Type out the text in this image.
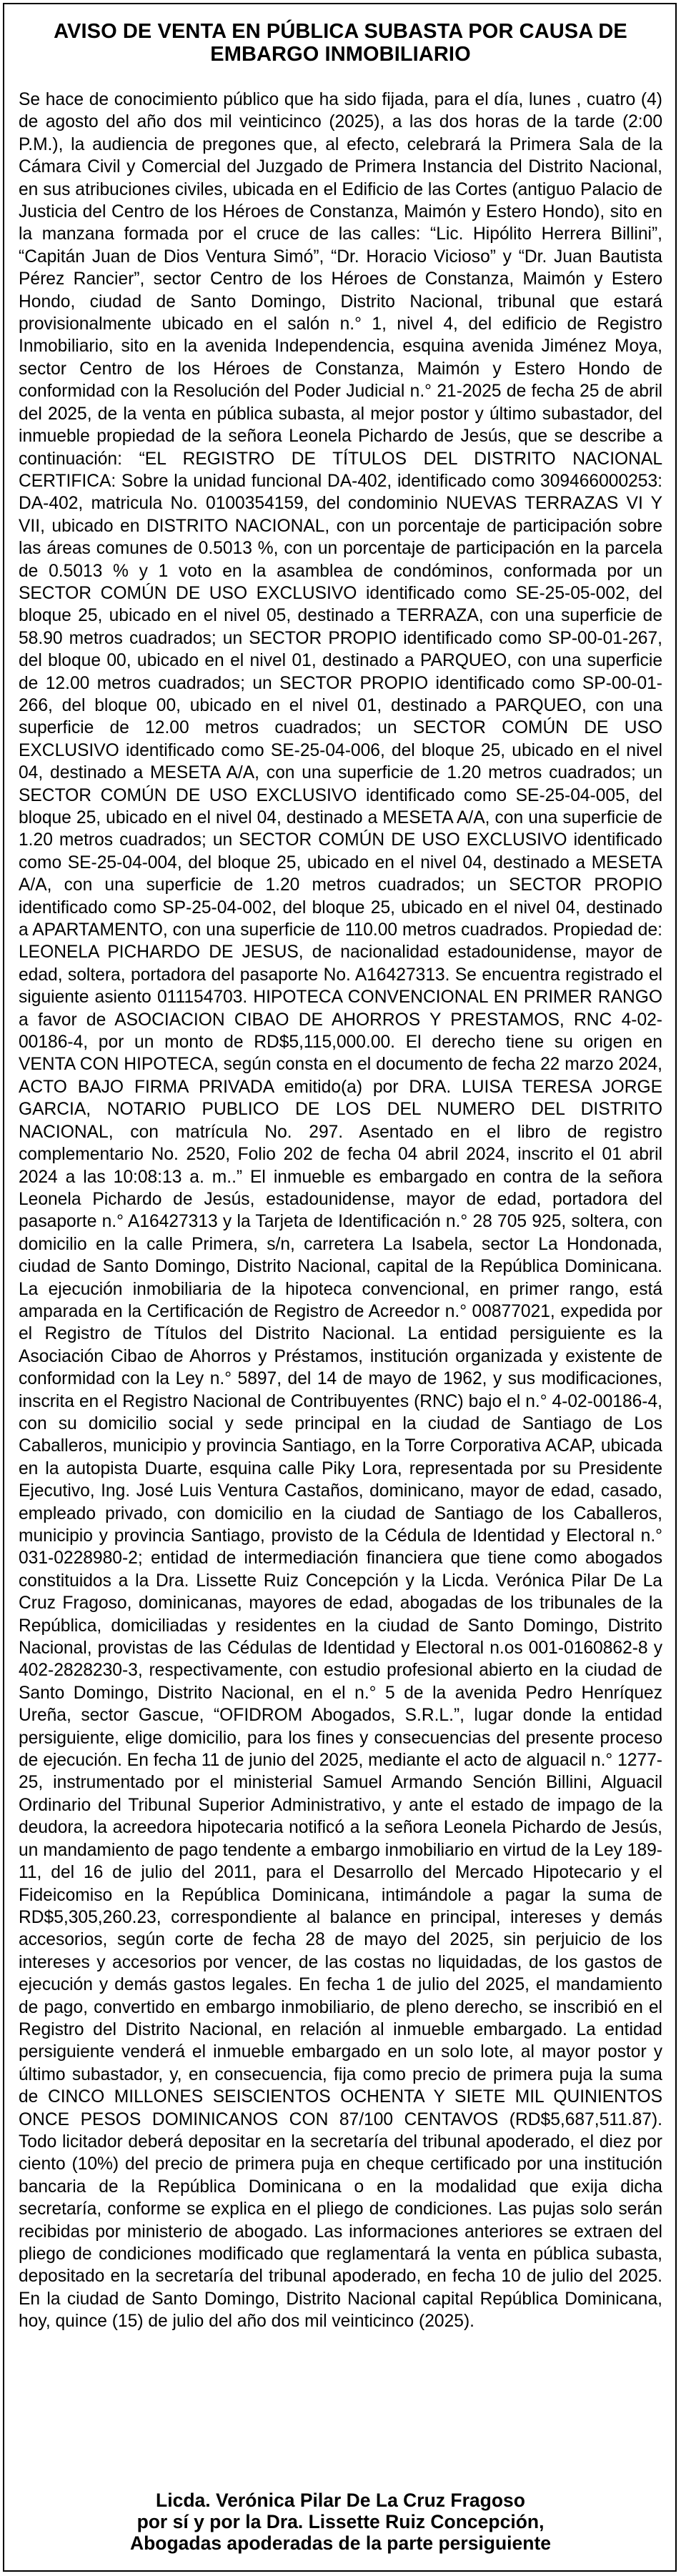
AVISO DE VENTA EN PÚBLICA SUBASTA POR CAUSA DE
EMBARGO INMOBILIARIO

Se hace de conocimiento público que ha sido fijada, para el día, lunes , cuatro (4) de agosto del año dos mil veinticinco (2025), a las dos horas de la tarde (2:00 P.M.), la audiencia de pregones que, al efecto, celebrará la Primera Sala de la Cámara Civil y Comercial del Juzgado de Primera Instancia del Distrito Nacional, en sus atribuciones civiles, ubicada en el Edificio de las Cortes (antiguo Palacio de Justicia del Centro de los Héroes de Constanza, Maimón y Estero Hondo), sito en la manzana formada por el cruce de las calles: “Lic. Hipólito Herrera Billini”, “Capitán Juan de Dios Ventura Simó”, “Dr. Horacio Vicioso” y “Dr. Juan Bautista Pérez Rancier”, sector Centro de los Héroes de Constanza, Maimón y Estero Hondo, ciudad de Santo Domingo, Distrito Nacional, tribunal que estará provisionalmente ubicado en el salón n.° 1, nivel 4, del edificio de Registro Inmobiliario, sito en la avenida Independencia, esquina avenida Jiménez Moya, sector Centro de los Héroes de Constanza, Maimón y Estero Hondo de conformidad con la Resolución del Poder Judicial n.° 21-2025 de fecha 25 de abril del 2025, de la venta en pública subasta, al mejor postor y último subastador, del inmueble propiedad de la señora Leonela Pichardo de Jesús, que se describe a continuación: “EL REGISTRO DE TÍTULOS DEL DISTRITO NACIONAL CERTIFICA: Sobre la unidad funcional DA-402, identificado como 309466000253: DA-402, matricula No. 0100354159, del condominio NUEVAS TERRAZAS VI Y VII, ubicado en DISTRITO NACIONAL, con un porcentaje de participación sobre las áreas comunes de 0.5013 %, con un porcentaje de participación en la parcela de 0.5013 % y 1 voto en la asamblea de condóminos, conformada por un SECTOR COMÚN DE USO EXCLUSIVO identificado como SE-25-05-002, del bloque 25, ubicado en el nivel 05, destinado a TERRAZA, con una superficie de 58.90 metros cuadrados; un SECTOR PROPIO identificado como SP-00-01-267, del bloque 00, ubicado en el nivel 01, destinado a PARQUEO, con una superficie de 12.00 metros cuadrados; un SECTOR PROPIO identificado como SP-00-01-266, del bloque 00, ubicado en el nivel 01, destinado a PARQUEO, con una superficie de 12.00 metros cuadrados; un SECTOR COMÚN DE USO EXCLUSIVO identificado como SE-25-04-006, del bloque 25, ubicado en el nivel 04, destinado a MESETA A/A, con una superficie de 1.20 metros cuadrados; un SECTOR COMÚN DE USO EXCLUSIVO identificado como SE-25-04-005, del bloque 25, ubicado en el nivel 04, destinado a MESETA A/A, con una superficie de 1.20 metros cuadrados; un SECTOR COMÚN DE USO EXCLUSIVO identificado como SE-25-04-004, del bloque 25, ubicado en el nivel 04, destinado a MESETA A/A, con una superficie de 1.20 metros cuadrados; un SECTOR PROPIO identificado como SP-25-04-002, del bloque 25, ubicado en el nivel 04, destinado a APARTAMENTO, con una superficie de 110.00 metros cuadrados. Propiedad de: LEONELA PICHARDO DE JESUS, de nacionalidad estadounidense, mayor de edad, soltera, portadora del pasaporte No. A16427313. Se encuentra registrado el siguiente asiento 011154703. HIPOTECA CONVENCIONAL EN PRIMER RANGO a favor de ASOCIACION CIBAO DE AHORROS Y PRESTAMOS, RNC 4-02-00186-4, por un monto de RD$5,115,000.00. El derecho tiene su origen en VENTA CON HIPOTECA, según consta en el documento de fecha 22 marzo 2024, ACTO BAJO FIRMA PRIVADA emitido(a) por DRA. LUISA TERESA JORGE GARCIA, NOTARIO PUBLICO DE LOS DEL NUMERO DEL DISTRITO NACIONAL, con matrícula No. 297. Asentado en el libro de registro complementario No. 2520, Folio 202 de fecha 04 abril 2024, inscrito el 01 abril 2024 a las 10:08:13 a. m..” El inmueble es embargado en contra de la señora Leonela Pichardo de Jesús, estadounidense, mayor de edad, portadora del pasaporte n.° A16427313 y la Tarjeta de Identificación n.° 28 705 925, soltera, con domicilio en la calle Primera, s/n, carretera La Isabela, sector La Hondonada, ciudad de Santo Domingo, Distrito Nacional, capital de la República Dominicana. La ejecución inmobiliaria de la hipoteca convencional, en primer rango, está amparada en la Certificación de Registro de Acreedor n.° 00877021, expedida por el Registro de Títulos del Distrito Nacional. La entidad persiguiente es la Asociación Cibao de Ahorros y Préstamos, institución organizada y existente de conformidad con la Ley n.° 5897, del 14 de mayo de 1962, y sus modificaciones, inscrita en el Registro Nacional de Contribuyentes (RNC) bajo el n.° 4-02-00186-4, con su domicilio social y sede principal en la ciudad de Santiago de Los Caballeros, municipio y provincia Santiago, en la Torre Corporativa ACAP, ubicada en la autopista Duarte, esquina calle Piky Lora, representada por su Presidente Ejecutivo, Ing. José Luis Ventura Castaños, dominicano, mayor de edad, casado, empleado privado, con domicilio en la ciudad de Santiago de los Caballeros, municipio y provincia Santiago, provisto de la Cédula de Identidad y Electoral n.° 031-0228980-2; entidad de intermediación financiera que tiene como abogados constituidos a la Dra. Lissette Ruiz Concepción y la Licda. Verónica Pilar De La Cruz Fragoso, dominicanas, mayores de edad, abogadas de los tribunales de la República, domiciliadas y residentes en la ciudad de Santo Domingo, Distrito Nacional, provistas de las Cédulas de Identidad y Electoral n.os 001-0160862-8 y 402-2828230-3, respectivamente, con estudio profesional abierto en la ciudad de Santo Domingo, Distrito Nacional, en el n.° 5 de la avenida Pedro Henríquez Ureña, sector Gascue, “OFIDROM Abogados, S.R.L.”, lugar donde la entidad persiguiente, elige domicilio, para los fines y consecuencias del presente proceso de ejecución. En fecha 11 de junio del 2025, mediante el acto de alguacil n.° 1277-25, instrumentado por el ministerial Samuel Armando Sención Billini, Alguacil Ordinario del Tribunal Superior Administrativo, y ante el estado de impago de la deudora, la acreedora hipotecaria notificó a la señora Leonela Pichardo de Jesús, un mandamiento de pago tendente a embargo inmobiliario en virtud de la Ley 189-11, del 16 de julio del 2011, para el Desarrollo del Mercado Hipotecario y el Fideicomiso en la República Dominicana, intimándole a pagar la suma de RD$5,305,260.23, correspondiente al balance en principal, intereses y demás accesorios, según corte de fecha 28 de mayo del 2025, sin perjuicio de los intereses y accesorios por vencer, de las costas no liquidadas, de los gastos de ejecución y demás gastos legales. En fecha 1 de julio del 2025, el mandamiento de pago, convertido en embargo inmobiliario, de pleno derecho, se inscribió en el Registro del Distrito Nacional, en relación al inmueble embargado. La entidad persiguiente venderá el inmueble embargado en un solo lote, al mayor postor y último subastador, y, en consecuencia, fija como precio de primera puja la suma de CINCO MILLONES SEISCIENTOS OCHENTA Y SIETE MIL QUINIENTOS ONCE PESOS DOMINICANOS CON 87/100 CENTAVOS (RD$5,687,511.87). Todo licitador deberá depositar en la secretaría del tribunal apoderado, el diez por ciento (10%) del precio de primera puja en cheque certificado por una institución bancaria de la República Dominicana o en la modalidad que exija dicha secretaría, conforme se explica en el pliego de condiciones. Las pujas solo serán recibidas por ministerio de abogado. Las informaciones anteriores se extraen del pliego de condiciones modificado que reglamentará la venta en pública subasta, depositado en la secretaría del tribunal apoderado, en fecha 10 de julio del 2025. En la ciudad de Santo Domingo, Distrito Nacional capital República Dominicana, hoy, quince (15) de julio del año dos mil veinticinco (2025).

Licda. Verónica Pilar De La Cruz Fragoso
por sí y por la Dra. Lissette Ruiz Concepción,
Abogadas apoderadas de la parte persiguiente
